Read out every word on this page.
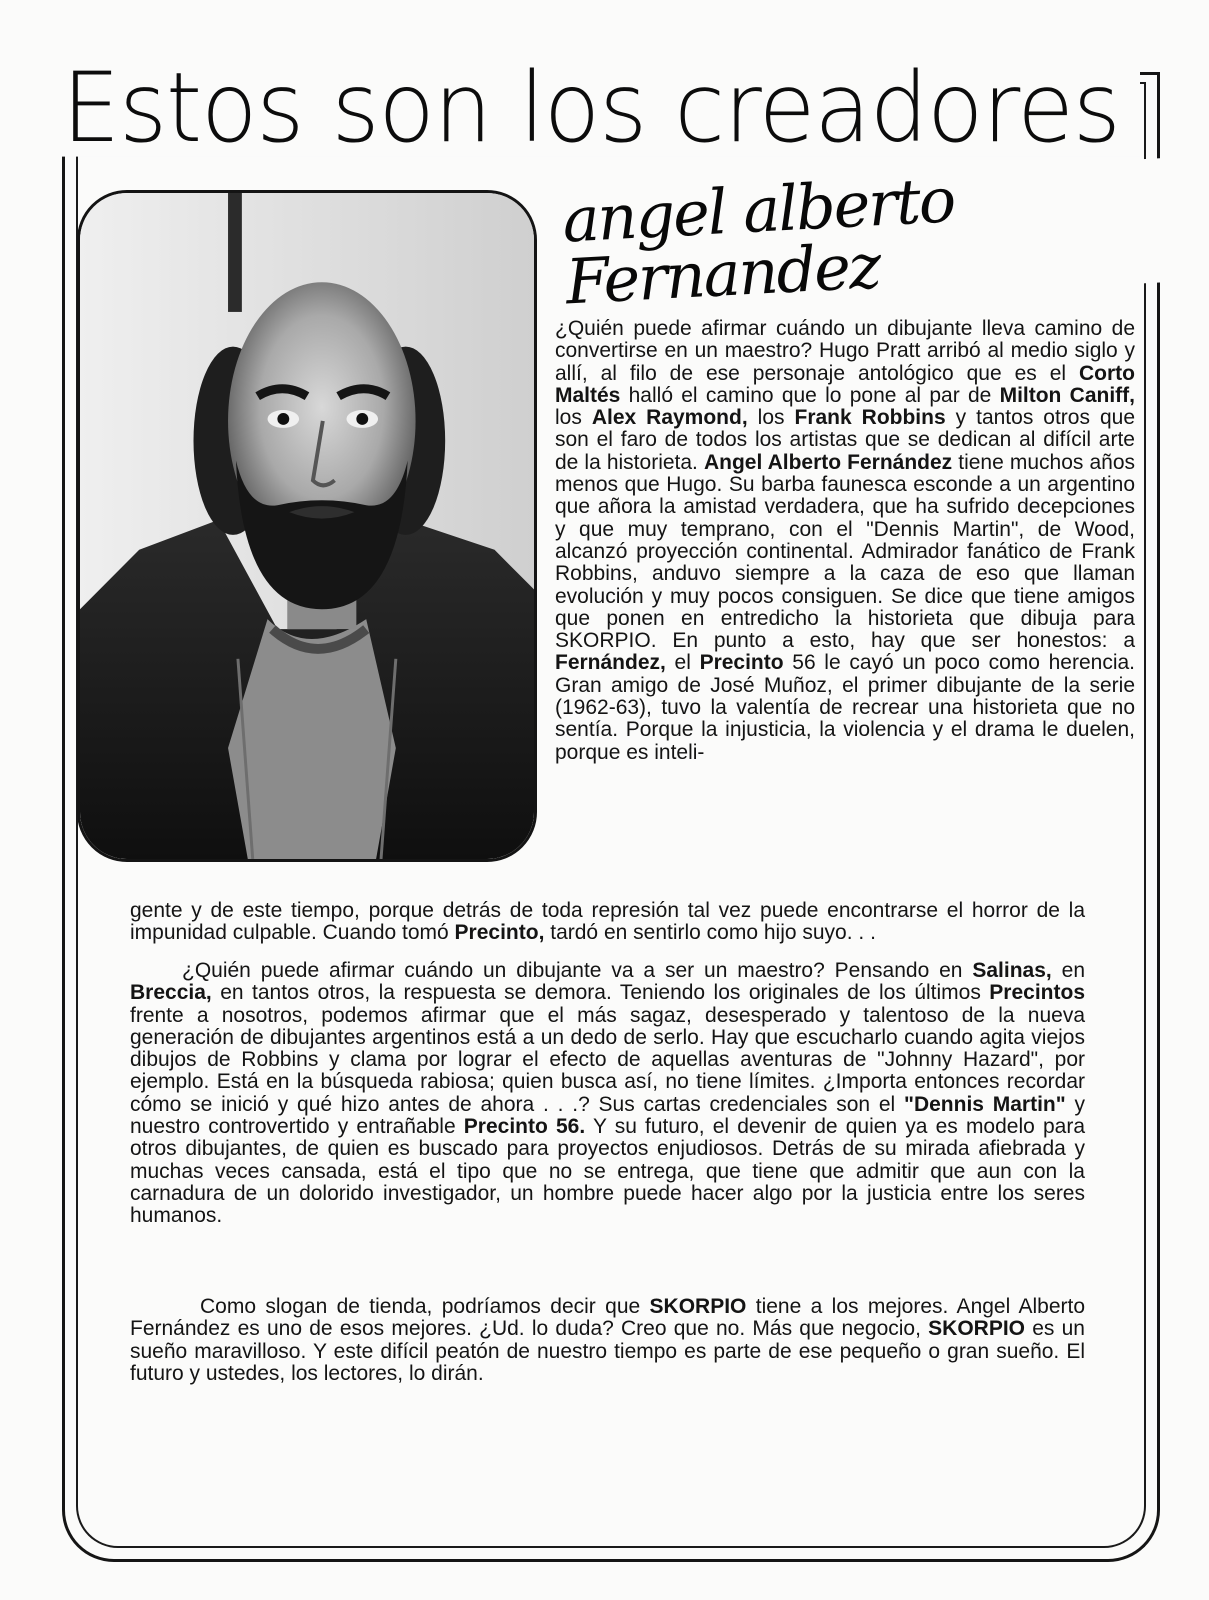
Estos son los creadores
angel alberto Fernandez

¿Quién puede afirmar cuándo un dibujante lleva camino de convertirse en un maestro? Hugo Pratt arribó al medio siglo y allí, al filo de ese personaje antológico que es el Corto Maltés halló el camino que lo pone al par de Milton Caniff, los Alex Raymond, los Frank Robbins y tantos otros que son el faro de todos los artistas que se dedican al difícil arte de la historieta. Angel Alberto Fernández tiene muchos años menos que Hugo. Su barba faunesca esconde a un argentino que añora la amistad verdadera, que ha sufrido decepciones y que muy temprano, con el "Dennis Martin", de Wood, alcanzó proyección continental. Admirador fanático de Frank Robbins, anduvo siempre a la caza de eso que llaman evolución y muy pocos consiguen. Se dice que tiene amigos que ponen en entredicho la historieta que dibuja para SKORPIO. En punto a esto, hay que ser honestos: a Fernández, el Precinto 56 le cayó un poco como herencia. Gran amigo de José Muñoz, el primer dibujante de la serie (1962-63), tuvo la valentía de recrear una historieta que no sentía. Porque la injusticia, la violencia y el drama le duelen, porque es inteli-

gente y de este tiempo, porque detrás de toda represión tal vez puede encontrarse el horror de la impunidad culpable. Cuando tomó Precinto, tardó en sentirlo como hijo suyo. . .

¿Quién puede afirmar cuándo un dibujante va a ser un maestro? Pensando en Salinas, en Breccia, en tantos otros, la respuesta se demora. Teniendo los originales de los últimos Precintos frente a nosotros, podemos afirmar que el más sagaz, desesperado y talentoso de la nueva generación de dibujantes argentinos está a un dedo de serlo. Hay que escucharlo cuando agita viejos dibujos de Robbins y clama por lograr el efecto de aquellas aventuras de "Johnny Hazard", por ejemplo. Está en la búsqueda rabiosa; quien busca así, no tiene límites. ¿Importa entonces recordar cómo se inició y qué hizo antes de ahora . . .? Sus cartas credenciales son el "Dennis Martin" y nuestro controvertido y entrañable Precinto 56. Y su futuro, el devenir de quien ya es modelo para otros dibujantes, de quien es buscado para proyectos enjudiosos. Detrás de su mirada afiebrada y muchas veces cansada, está el tipo que no se entrega, que tiene que admitir que aun con la carnadura de un dolorido investigador, un hombre puede hacer algo por la justicia entre los seres humanos.

Como slogan de tienda, podríamos decir que SKORPIO tiene a los mejores. Angel Alberto Fernández es uno de esos mejores. ¿Ud. lo duda? Creo que no. Más que negocio, SKORPIO es un sueño maravilloso. Y este difícil peatón de nuestro tiempo es parte de ese pequeño o gran sueño. El futuro y ustedes, los lectores, lo dirán.
